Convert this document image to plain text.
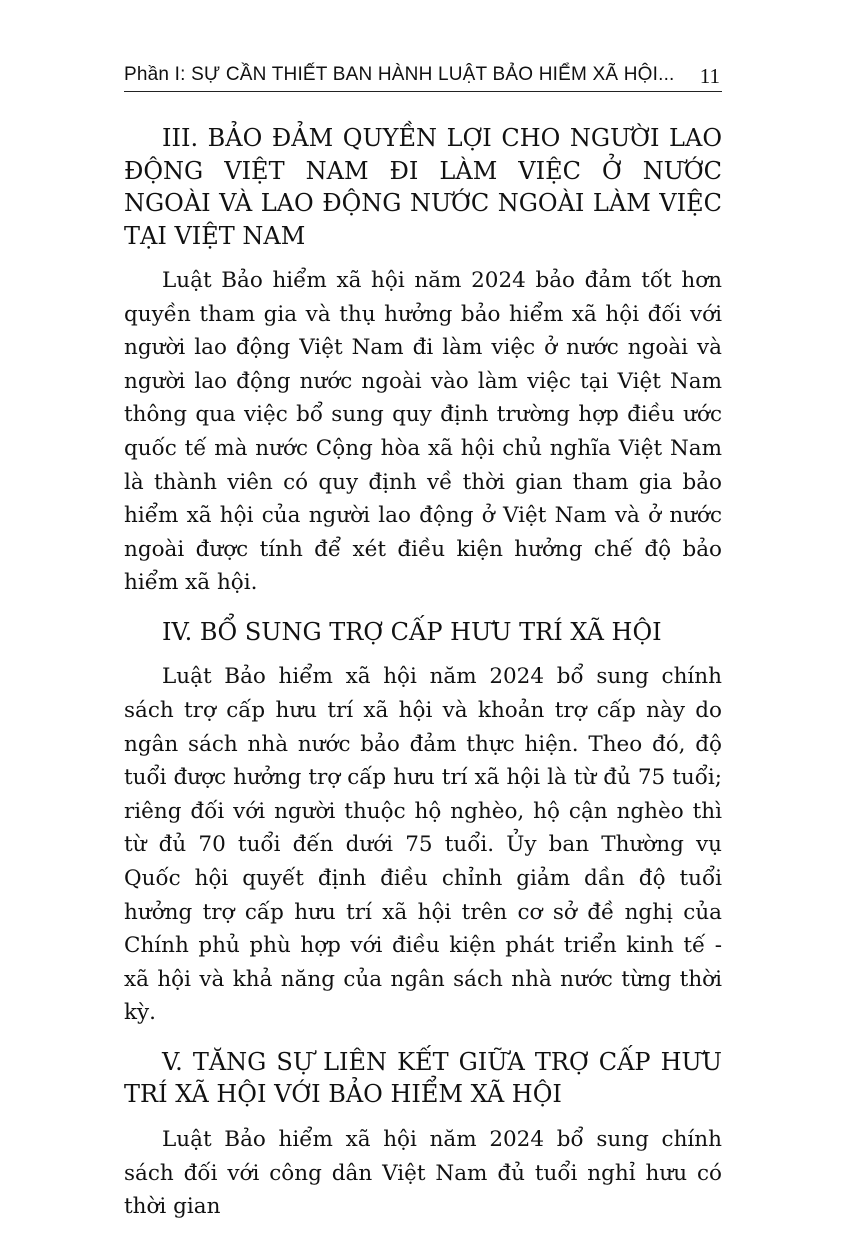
Phần I: SỰ CẦN THIẾT BAN HÀNH LUẬT BẢO HIỂM XÃ HỘI... 11
III. BẢO ĐẢM QUYỀN LỢI CHO NGƯỜI LAO ĐỘNG VIỆT NAM ĐI LÀM VIỆC Ở NƯỚC NGOÀI VÀ LAO ĐỘNG NƯỚC NGOÀI LÀM VIỆC TẠI VIỆT NAM

Luật Bảo hiểm xã hội năm 2024 bảo đảm tốt hơn quyền tham gia và thụ hưởng bảo hiểm xã hội đối với người lao động Việt Nam đi làm việc ở nước ngoài và người lao động nước ngoài vào làm việc tại Việt Nam thông qua việc bổ sung quy định trường hợp điều ước quốc tế mà nước Cộng hòa xã hội chủ nghĩa Việt Nam là thành viên có quy định về thời gian tham gia bảo hiểm xã hội của người lao động ở Việt Nam và ở nước ngoài được tính để xét điều kiện hưởng chế độ bảo hiểm xã hội.

IV. BỔ SUNG TRỢ CẤP HƯU TRÍ XÃ HỘI

Luật Bảo hiểm xã hội năm 2024 bổ sung chính sách trợ cấp hưu trí xã hội và khoản trợ cấp này do ngân sách nhà nước bảo đảm thực hiện. Theo đó, độ tuổi được hưởng trợ cấp hưu trí xã hội là từ đủ 75 tuổi; riêng đối với người thuộc hộ nghèo, hộ cận nghèo thì từ đủ 70 tuổi đến dưới 75 tuổi. Ủy ban Thường vụ Quốc hội quyết định điều chỉnh giảm dần độ tuổi hưởng trợ cấp hưu trí xã hội trên cơ sở đề nghị của Chính phủ phù hợp với điều kiện phát triển kinh tế - xã hội và khả năng của ngân sách nhà nước từng thời kỳ.

V. TĂNG SỰ LIÊN KẾT GIỮA TRỢ CẤP HƯU TRÍ XÃ HỘI VỚI BẢO HIỂM XÃ HỘI

Luật Bảo hiểm xã hội năm 2024 bổ sung chính sách đối với công dân Việt Nam đủ tuổi nghỉ hưu có thời gian
